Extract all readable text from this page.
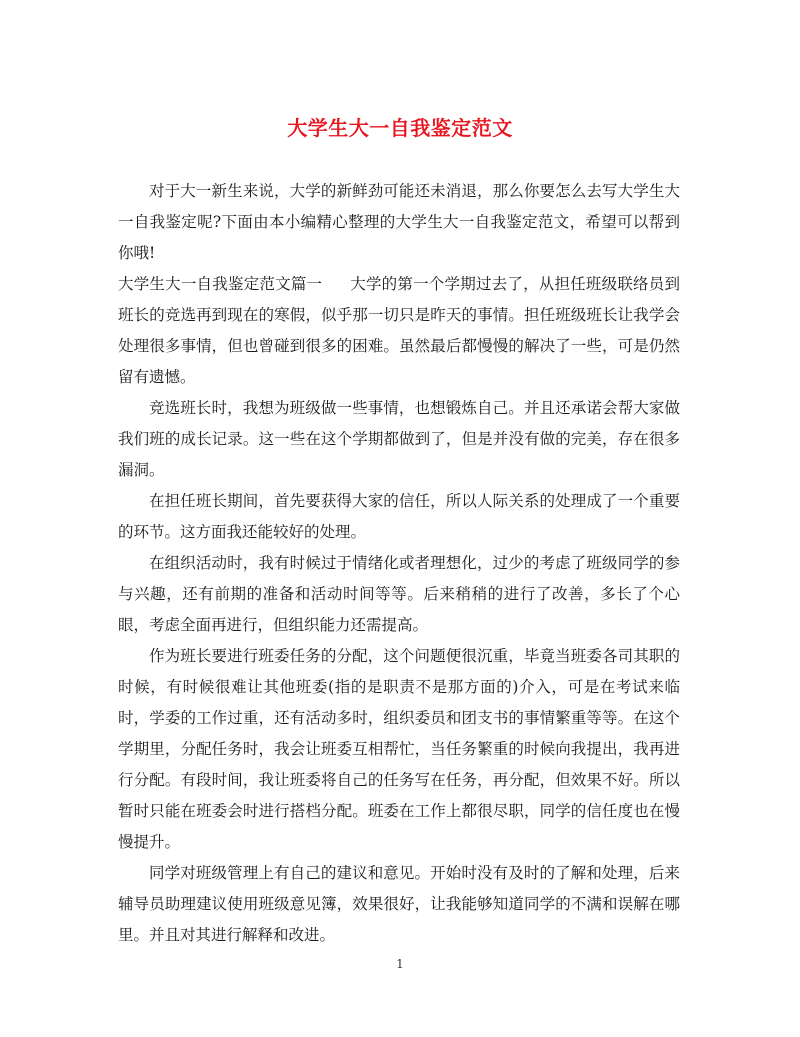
大学生大一自我鉴定范文

对于大一新生来说，大学的新鲜劲可能还未消退，那么你要怎么去写大学生大一自我鉴定呢?下面由本小编精心整理的大学生大一自我鉴定范文，希望可以帮到你哦!

大学生大一自我鉴定范文篇一 大学的第一个学期过去了，从担任班级联络员到班长的竞选再到现在的寒假，似乎那一切只是昨天的事情。担任班级班长让我学会处理很多事情，但也曾碰到很多的困难。虽然最后都慢慢的解决了一些，可是仍然留有遗憾。

竞选班长时，我想为班级做一些事情，也想锻炼自己。并且还承诺会帮大家做我们班的成长记录。这一些在这个学期都做到了，但是并没有做的完美，存在很多漏洞。

在担任班长期间，首先要获得大家的信任，所以人际关系的处理成了一个重要的环节。这方面我还能较好的处理。

在组织活动时，我有时候过于情绪化或者理想化，过少的考虑了班级同学的参与兴趣，还有前期的准备和活动时间等等。后来稍稍的进行了改善，多长了个心眼，考虑全面再进行，但组织能力还需提高。

作为班长要进行班委任务的分配，这个问题便很沉重，毕竟当班委各司其职的时候，有时候很难让其他班委(指的是职责不是那方面的)介入，可是在考试来临时，学委的工作过重，还有活动多时，组织委员和团支书的事情繁重等等。在这个学期里，分配任务时，我会让班委互相帮忙，当任务繁重的时候向我提出，我再进行分配。有段时间，我让班委将自己的任务写在任务，再分配，但效果不好。所以暂时只能在班委会时进行搭档分配。班委在工作上都很尽职，同学的信任度也在慢慢提升。

同学对班级管理上有自己的建议和意见。开始时没有及时的了解和处理，后来辅导员助理建议使用班级意见簿，效果很好，让我能够知道同学的不满和误解在哪里。并且对其进行解释和改进。

1
